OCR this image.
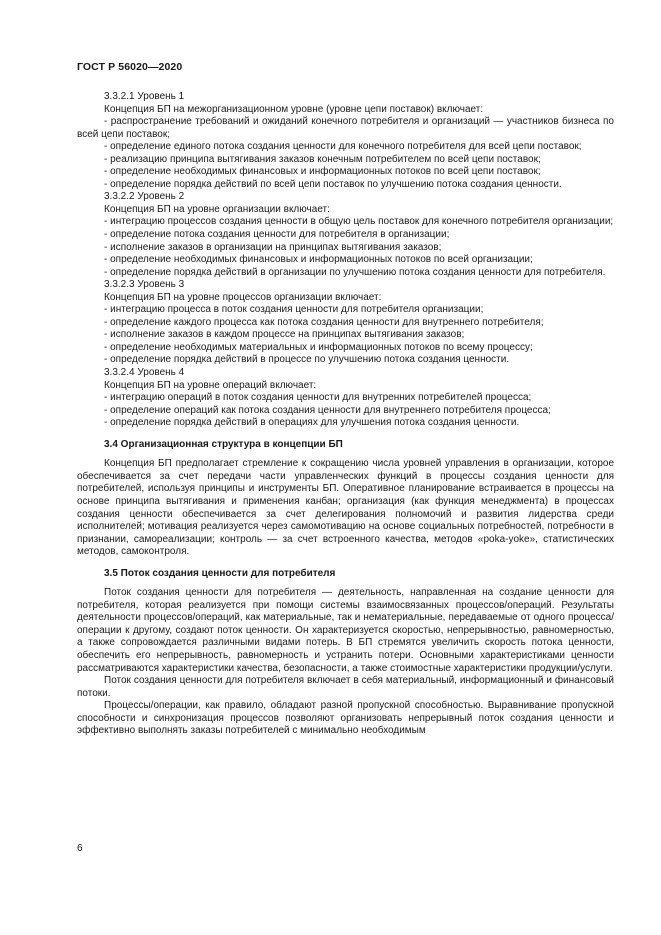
ГОСТ Р 56020—2020
3.3.2.1 Уровень 1
Концепция БП на межорганизационном уровне (уровне цепи поставок) включает:
- распространение требований и ожиданий конечного потребителя и организаций — участников бизнеса по всей цепи поставок;
- определение единого потока создания ценности для конечного потребителя для всей цепи поставок;
- реализацию принципа вытягивания заказов конечным потребителем по всей цепи поставок;
- определение необходимых финансовых и информационных потоков по всей цепи поставок;
- определение порядка действий по всей цепи поставок по улучшению потока создания ценности.
3.3.2.2 Уровень 2
Концепция БП на уровне организации включает:
- интеграцию процессов создания ценности в общую цель поставок для конечного потребителя организации;
- определение потока создания ценности для потребителя в организации;
- исполнение заказов в организации на принципах вытягивания заказов;
- определение необходимых финансовых и информационных потоков по всей организации;
- определение порядка действий в организации по улучшению потока создания ценности для потребителя.
3.3.2.3 Уровень 3
Концепция БП на уровне процессов организации включает:
- интеграцию процесса в поток создания ценности для потребителя организации;
- определение каждого процесса как потока создания ценности для внутреннего потребителя;
- исполнение заказов в каждом процессе на принципах вытягивания заказов;
- определение необходимых материальных и информационных потоков по всему процессу;
- определение порядка действий в процессе по улучшению потока создания ценности.
3.3.2.4 Уровень 4
Концепция БП на уровне операций включает:
- интеграцию операций в поток создания ценности для внутренних потребителей процесса;
- определение операций как потока создания ценности для внутреннего потребителя процесса;
- определение порядка действий в операциях для улучшения потока создания ценности.
3.4 Организационная структура в концепции БП
Концепция БП предполагает стремление к сокращению числа уровней управления в организации, которое обеспечивается за счет передачи части управленческих функций в процессы создания ценности для потребителей, используя принципы и инструменты БП. Оперативное планирование встраивается в процессы на основе принципа вытягивания и применения канбан; организация (как функция менеджмента) в процессах создания ценности обеспечивается за счет делегирования полномочий и развития лидерства среди исполнителей; мотивация реализуется через самомотивацию на основе социальных потребностей, потребности в признании, самореализации; контроль — за счет встроенного качества, методов «poka-yoke», статистических методов, самоконтроля.
3.5 Поток создания ценности для потребителя
Поток создания ценности для потребителя — деятельность, направленная на создание ценности для потребителя, которая реализуется при помощи системы взаимосвязанных процессов/операций. Результаты деятельности процессов/операций, как материальные, так и нематериальные, передаваемые от одного процесса/операции к другому, создают поток ценности. Он характеризуется скоростью, непрерывностью, равномерностью, а также сопровождается различными видами потерь. В БП стремятся увеличить скорость потока ценности, обеспечить его непрерывность, равномерность и устранить потери. Основными характеристиками ценности рассматриваются характеристики качества, безопасности, а также стоимостные характеристики продукции/услуги.
Поток создания ценности для потребителя включает в себя материальный, информационный и финансовый потоки.
Процессы/операции, как правило, обладают разной пропускной способностью. Выравнивание пропускной способности и синхронизация процессов позволяют организовать непрерывный поток создания ценности и эффективно выполнять заказы потребителей с минимально необходимым
6
